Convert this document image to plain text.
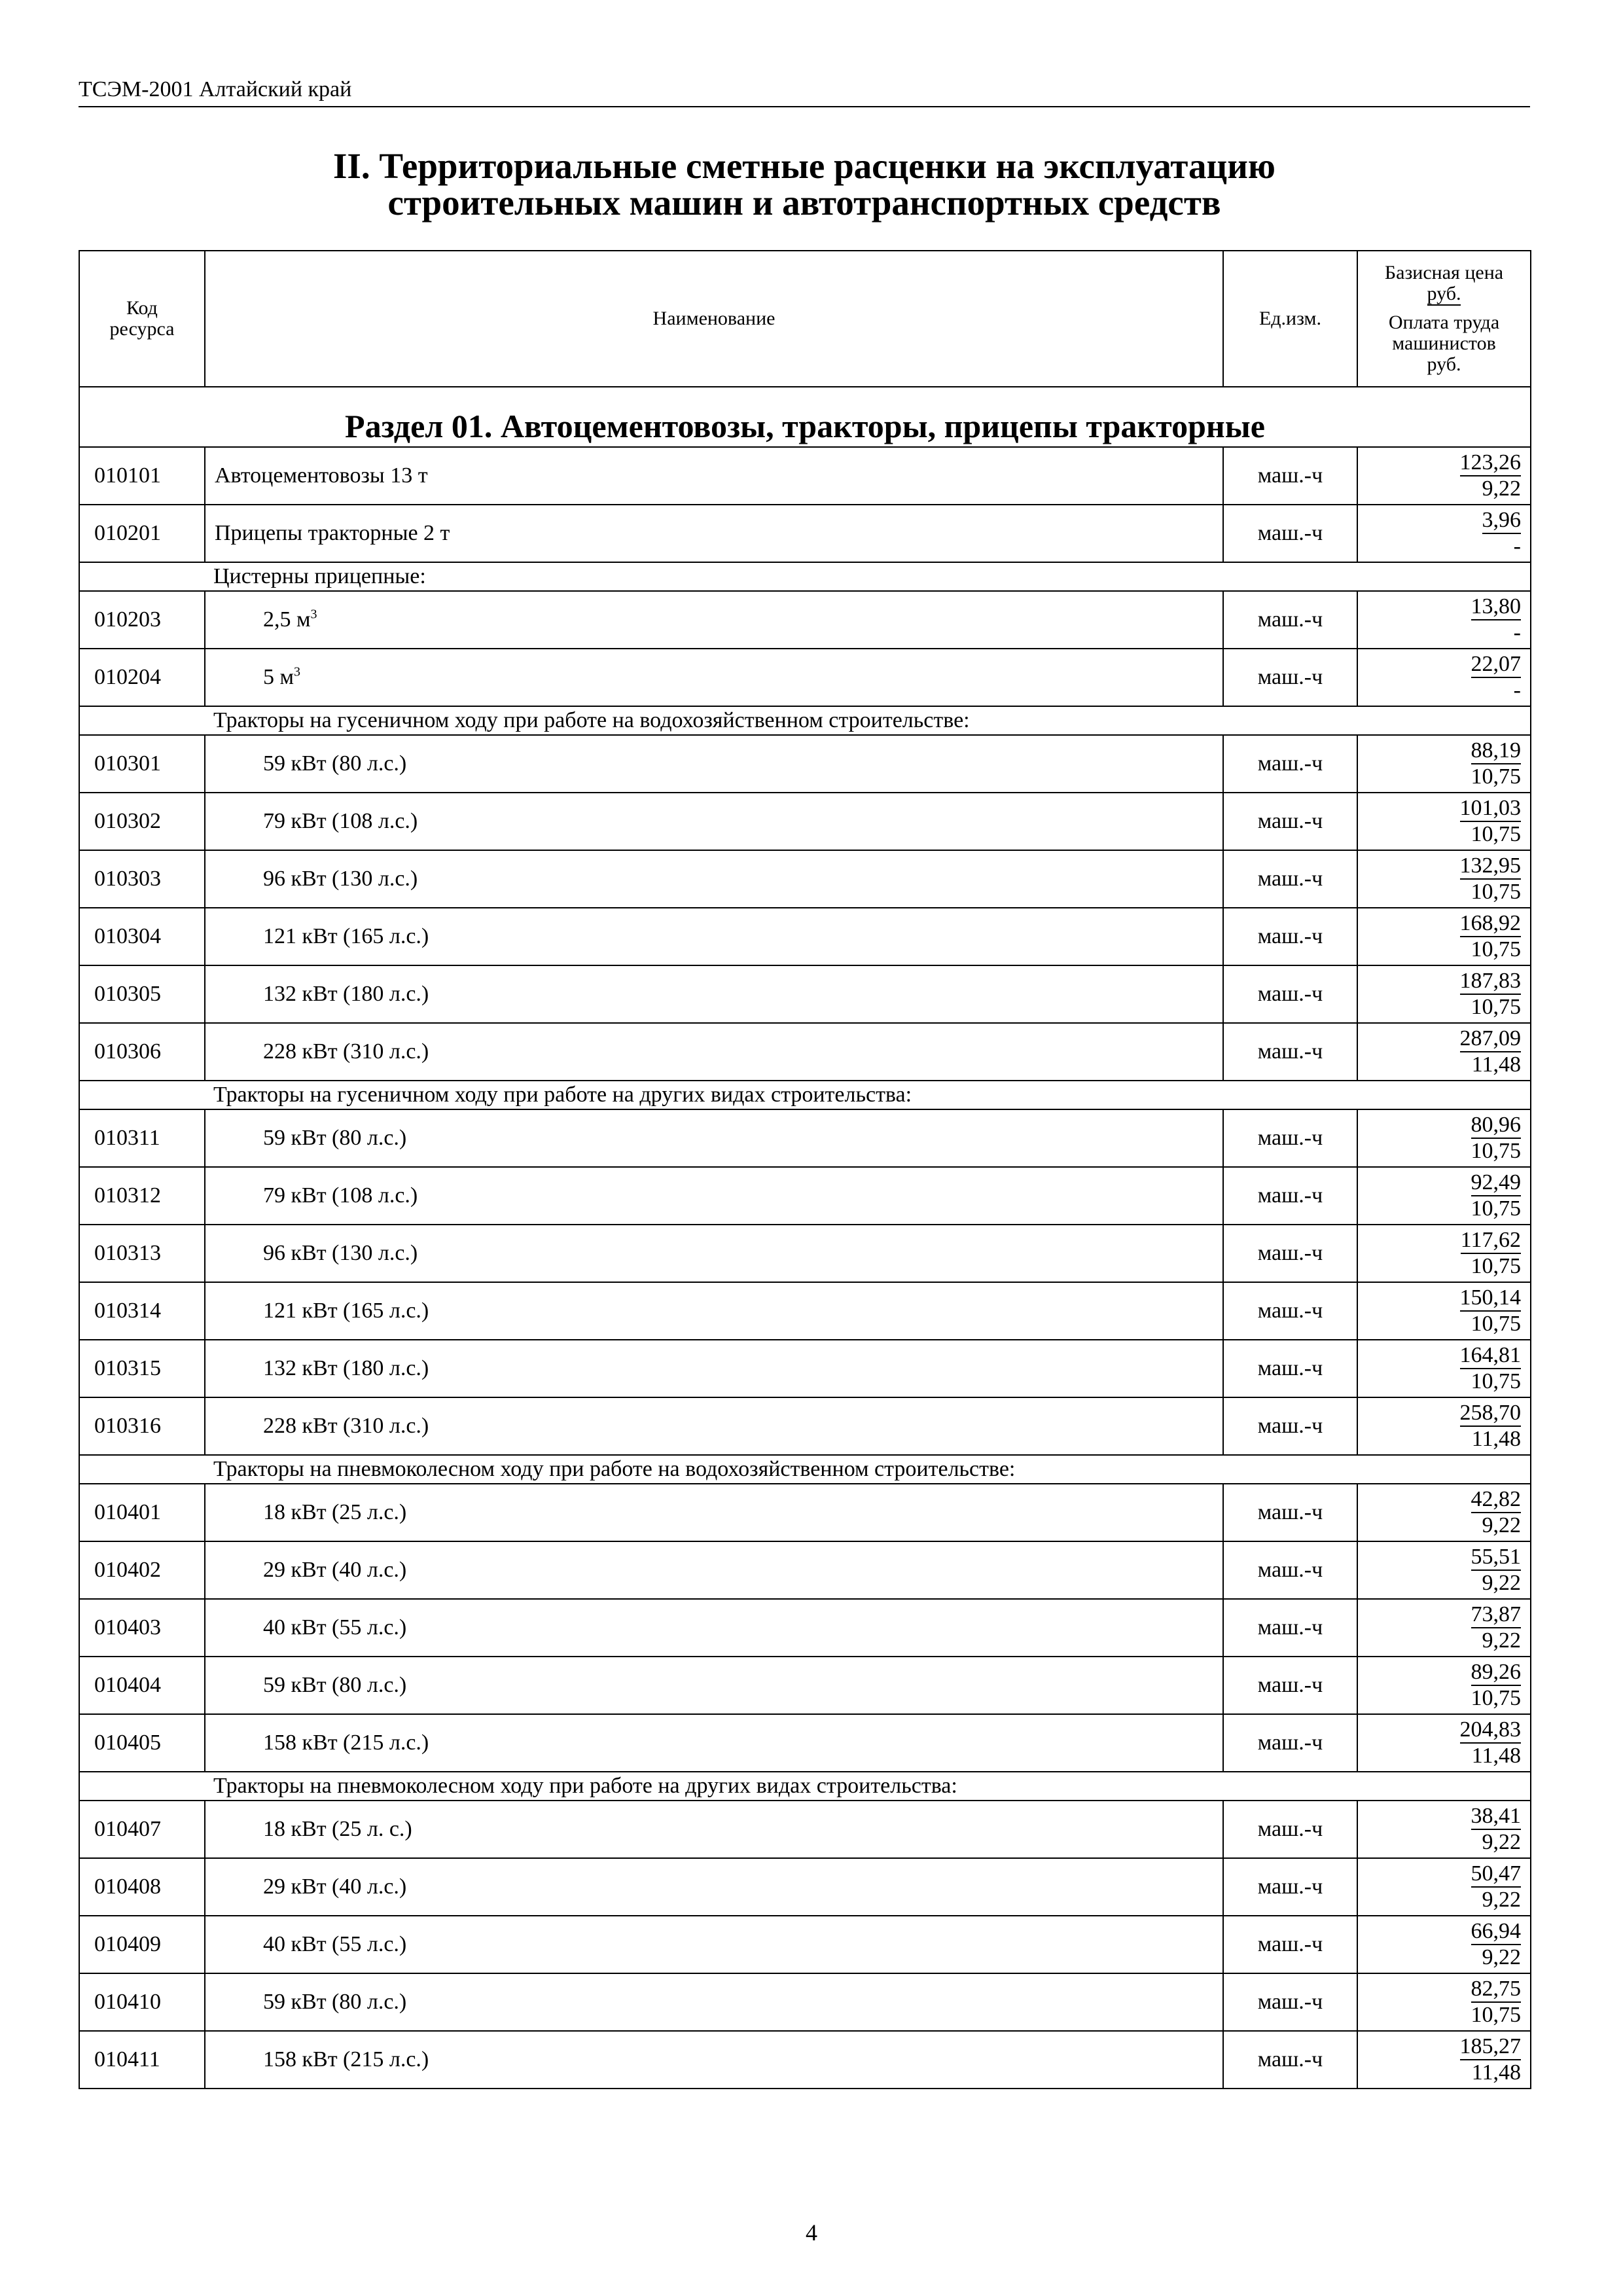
ТСЭМ-2001 Алтайский край
II. Территориальные сметные расценки на эксплуатацию
строительных машин и автотранспортных средств
Код ресурса	Наименование	Ед.изм.	Базисная цена
руб.
Оплата труда
машинистов
руб.

Раздел 01. Автоцементовозы, тракторы, прицепы тракторные			
010101	Автоцементовозы 13 т	маш.-ч	$\frac{123,26}{9,22}$

010201	Прицепы тракторные 2 т	маш.-ч	$\frac{3,96}{-}$

Цистерны прицепные:			
010203	2,5 $м^3$	маш.-ч	$\frac{13,80}{-}$

010204	5 $м^3$	маш.-ч	$\frac{22,07}{-}$

Тракторы на гусеничном ходу при работе на водохозяйственном строительстве:			
010301	59 кВт (80 л.с.)	маш.-ч	$\frac{88,19}{10,75}$

010302	79 кВт (108 л.с.)	маш.-ч	$\frac{101,03}{10,75}$

010303	96 кВт (130 л.с.)	маш.-ч	$\frac{132,95}{10,75}$

010304	121 кВт (165 л.с.)	маш.-ч	$\frac{168,92}{10,75}$

010305	132 кВт (180 л.с.)	маш.-ч	$\frac{187,83}{10,75}$

010306	228 кВт (310 л.с.)	маш.-ч	$\frac{287,09}{11,48}$

Тракторы на гусеничном ходу при работе на других видах строительства:			
010311	59 кВт (80 л.с.)	маш.-ч	$\frac{80,96}{10,75}$

010312	79 кВт (108 л.с.)	маш.-ч	$\frac{92,49}{10,75}$

010313	96 кВт (130 л.с.)	маш.-ч	$\frac{117,62}{10,75}$

010314	121 кВт (165 л.с.)	маш.-ч	$\frac{150,14}{10,75}$

010315	132 кВт (180 л.с.)	маш.-ч	$\frac{164,81}{10,75}$

010316	228 кВт (310 л.с.)	маш.-ч	$\frac{258,70}{11,48}$

Тракторы на пневмоколесном ходу при работе на водохозяйственном строительстве:			
010401	18 кВт (25 л.с.)	маш.-ч	$\frac{42,82}{9,22}$

010402	29 кВт (40 л.с.)	маш.-ч	$\frac{55,51}{9,22}$

010403	40 кВт (55 л.с.)	маш.-ч	$\frac{73,87}{9,22}$

010404	59 кВт (80 л.с.)	маш.-ч	$\frac{89,26}{10,75}$

010405	158 кВт (215 л.с.)	маш.-ч	$\frac{204,83}{11,48}$

Тракторы на пневмоколесном ходу при работе на других видах строительства:			
010407	18 кВт (25 л. с.)	маш.-ч	$\frac{38,41}{9,22}$

010408	29 кВт (40 л.с.)	маш.-ч	$\frac{50,47}{9,22}$

010409	40 кВт (55 л.с.)	маш.-ч	$\frac{66,94}{9,22}$

010410	59 кВт (80 л.с.)	маш.-ч	$\frac{82,75}{10,75}$

010411	158 кВт (215 л.с.)	маш.-ч	$\frac{185,27}{11,48}$
4
